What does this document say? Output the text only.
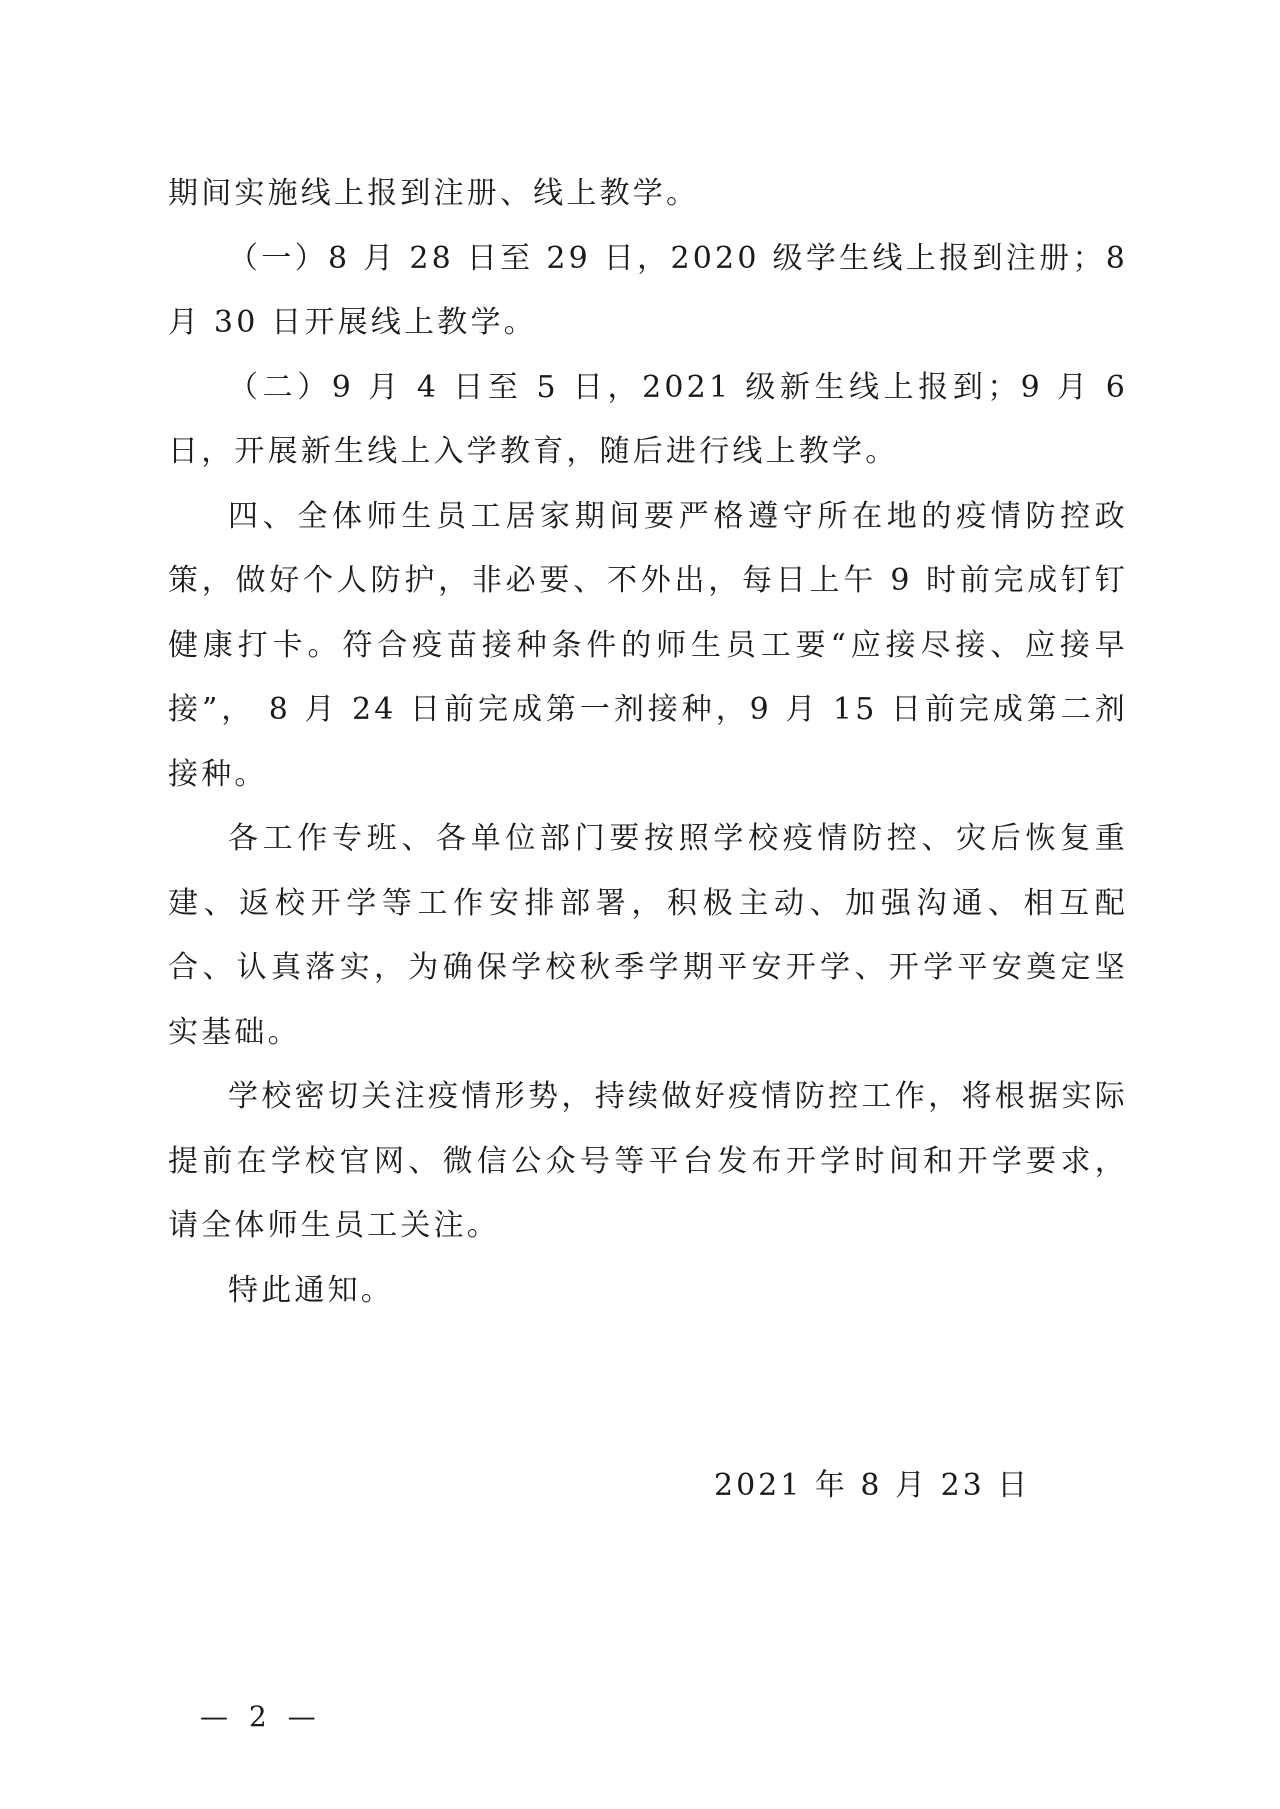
期间实施线上报到注册、线上教学。

（一）8 月 28 日至 29 日，2020 级学生线上报到注册；8 月 30 日开展线上教学。

（二）9 月 4 日至 5 日，2021 级新生线上报到；9 月 6 日，开展新生线上入学教育，随后进行线上教学。

四、全体师生员工居家期间要严格遵守所在地的疫情防控政策，做好个人防护，非必要、不外出，每日上午 9 时前完成钉钉健康打卡。符合疫苗接种条件的师生员工要“应接尽接、应接早接”， 8 月 24 日前完成第一剂接种，9 月 15 日前完成第二剂接种。

各工作专班、各单位部门要按照学校疫情防控、灾后恢复重建、返校开学等工作安排部署，积极主动、加强沟通、相互配合、认真落实，为确保学校秋季学期平安开学、开学平安奠定坚实基础。

学校密切关注疫情形势，持续做好疫情防控工作，将根据实际提前在学校官网、微信公众号等平台发布开学时间和开学要求，请全体师生员工关注。

特此通知。

2021 年 8 月 23 日
— 2 —
